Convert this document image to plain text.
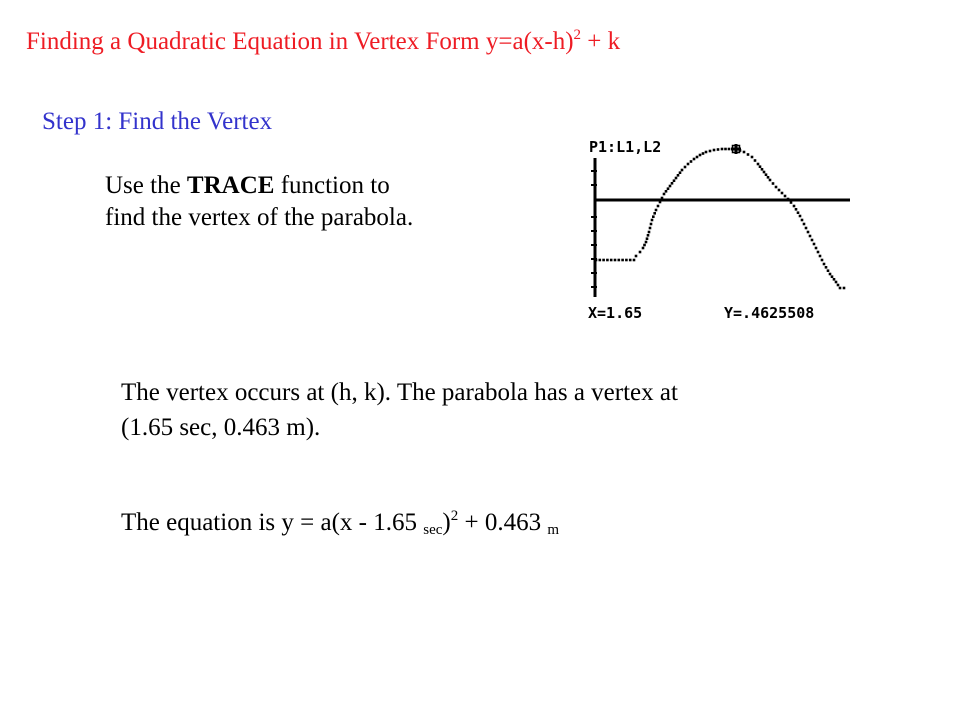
Finding a Quadratic Equation in Vertex Form $y=a(x-h)^2 + k$
Step 1: Find the Vertex
Use the TRACE function to
find the vertex of the parabola.
P1:L1,L2
X=1.65	Y=.4625508
The vertex occurs at (h, k). The parabola has a vertex at
(1.65 sec, 0.463 m).
The equation is y = a(x - 1.65 $_{sec}$)$^2$ + 0.463 $_m$
